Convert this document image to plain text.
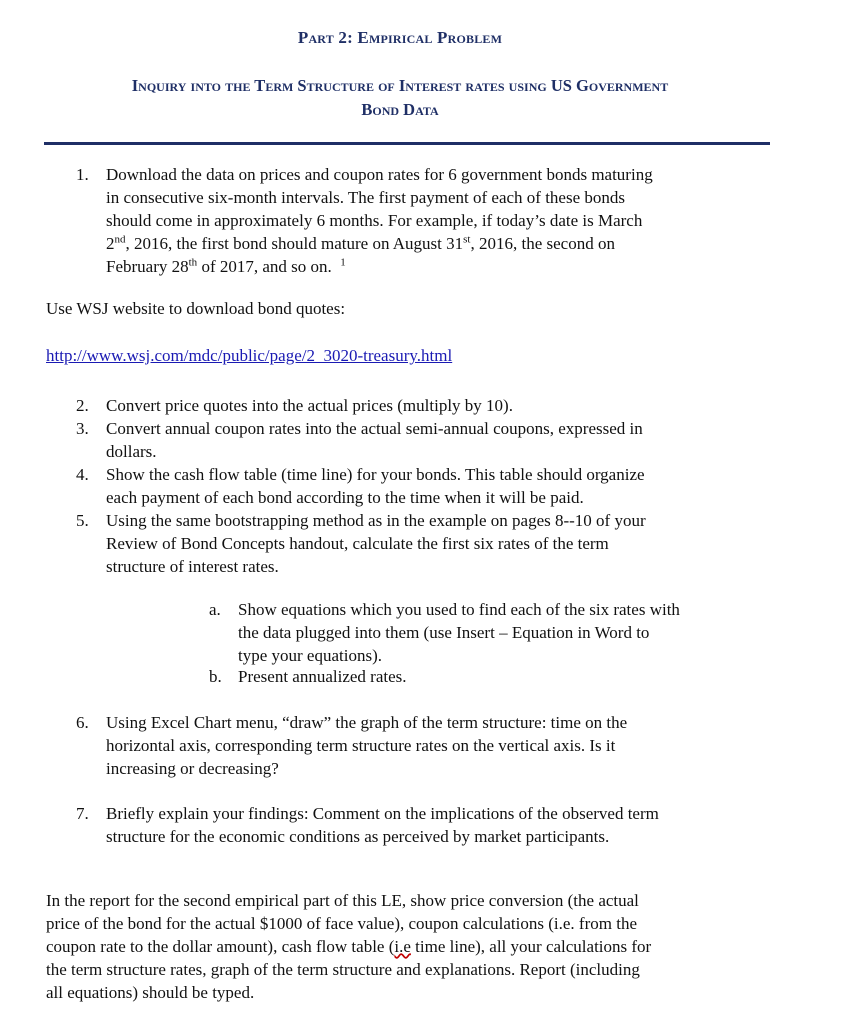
Part 2: Empirical Problem
Inquiry into the Term Structure of Interest rates using US Government
Bond Data
1. Download the data on prices and coupon rates for 6 government bonds maturing
in consecutive six-month intervals. The first payment of each of these bonds
should come in approximately 6 months. For example, if today’s date is March
2nd, 2016, the first bond should mature on August 31st, 2016, the second on
February 28th of 2017, and so on. $^1$
Use WSJ website to download bond quotes:
http://www.wsj.com/mdc/public/page/2_3020-treasury.html
2. Convert price quotes into the actual prices (multiply by 10).
3. Convert annual coupon rates into the actual semi-annual coupons, expressed in
dollars.
4. Show the cash flow table (time line) for your bonds. This table should organize
each payment of each bond according to the time when it will be paid.
5. Using the same bootstrapping method as in the example on pages 8--10 of your
Review of Bond Concepts handout, calculate the first six rates of the term
structure of interest rates.
a. Show equations which you used to find each of the six rates with
the data plugged into them (use Insert – Equation in Word to
type your equations).
b. Present annualized rates.
6. Using Excel Chart menu, “draw” the graph of the term structure: time on the
horizontal axis, corresponding term structure rates on the vertical axis. Is it
increasing or decreasing?
7. Briefly explain your findings: Comment on the implications of the observed term
structure for the economic conditions as perceived by market participants.
In the report for the second empirical part of this LE, show price conversion (the actual
price of the bond for the actual $1000 of face value), coupon calculations (i.e. from the
coupon rate to the dollar amount), cash flow table (i.e time line), all your calculations for
the term structure rates, graph of the term structure and explanations. Report (including
all equations) should be typed.
